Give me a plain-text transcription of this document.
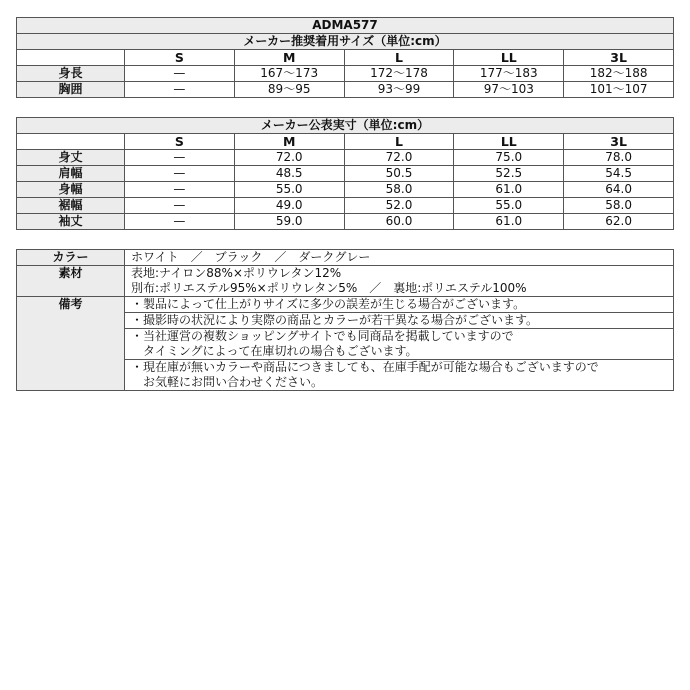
ADMA577					
メーカー推奨着用サイズ（単位:cm）					
	S	M	L	LL	3L
身長	—	167～173	172～178	177～183	182～188
胸囲	—	89～95	93～99	97～103	101～107
メーカー公表実寸（単位:cm）					
	S	M	L	LL	3L
身丈	—	72.0	72.0	75.0	78.0
肩幅	—	48.5	50.5	52.5	54.5
身幅	—	55.0	58.0	61.0	64.0
裾幅	—	49.0	52.0	55.0	58.0
袖丈	—	59.0	60.0	61.0	62.0
カラー	ホワイト　／　ブラック　／　ダークグレー
素材	表地:ナイロン88%×ポリウレタン12%
別布:ポリエステル95%×ポリウレタン5%　／　裏地:ポリエステル100%

備考	・製品によって仕上がりサイズに多少の誤差が生じる場合がございます。

	・撮影時の状況により実際の商品とカラーが若干異なる場合がございます。

	・当社運営の複数ショッピングサイトでも同商品を掲載していますので
　タイミングによって在庫切れの場合もございます。

	・現在庫が無いカラーや商品につきましても、在庫手配が可能な場合もございますので
　お気軽にお問い合わせください。
